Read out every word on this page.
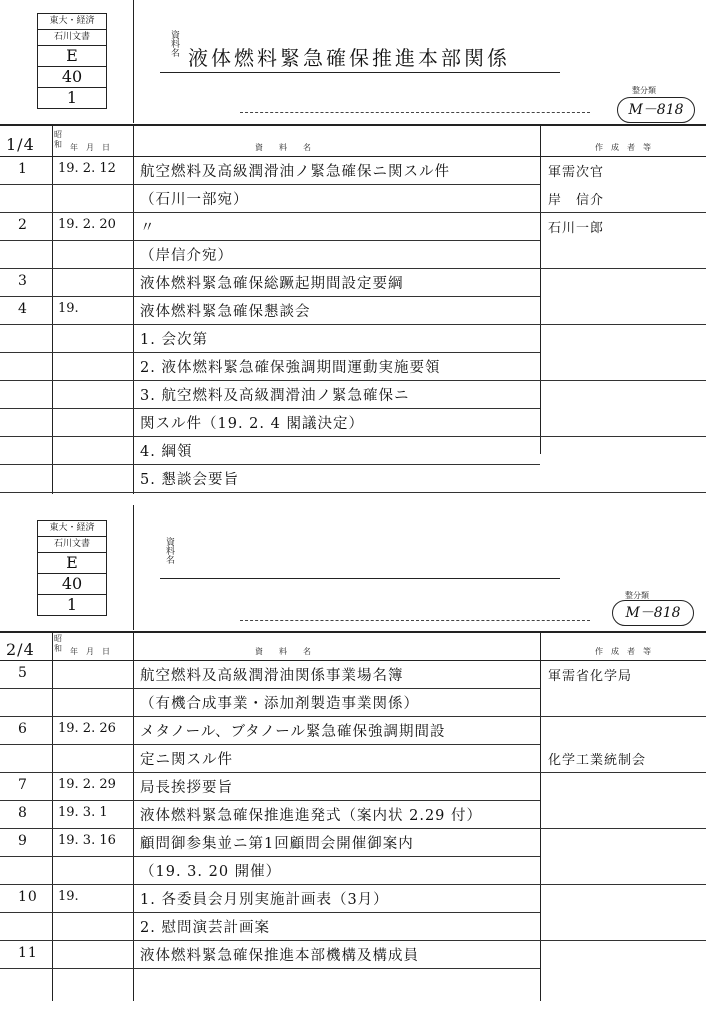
東大・経済
石川文書
E
40
1
資料名
液体燃料緊急確保推進本部関係
整分類
M－818
1/4
昭和	年　月　日	資　　料　　名	作　成　者　等
1 19. 2. 12 航空燃料及高級潤滑油ノ緊急確保ニ関スル件	軍需次官
（石川一部宛）	岸　信介
2 19. 2. 20 〃	石川一郎
（岸信介宛）
3	液体燃料緊急確保総蹶起期間設定要綱
4 19.	液体燃料緊急確保懇談会
1. 会次第
2. 液体燃料緊急確保強調期間運動実施要領
3. 航空燃料及高級潤滑油ノ緊急確保ニ
関スル件（19. 2. 4 閣議決定）
4. 綱領
5. 懇談会要旨
東大・経済
石川文書
E
40
1
資料名
整分類
M－818
2/4
昭和	年　月　日	資　　料　　名	作　成　者　等
5	航空燃料及高級潤滑油関係事業場名簿	軍需省化学局
（有機合成事業・添加剤製造事業関係）
6 19. 2. 26 メタノール、ブタノール緊急確保強調期間設
定ニ関スル件	化学工業統制会
7 19. 2. 29 局長挨拶要旨
8 19. 3. 1 液体燃料緊急確保推進進発式（案内状 2.29 付）
9 19. 3. 16 顧問御参集並ニ第1回顧問会開催御案内
（19. 3. 20 開催）
10 19.	1. 各委員会月別実施計画表（3月）
2. 慰問演芸計画案
11	液体燃料緊急確保推進本部機構及構成員
